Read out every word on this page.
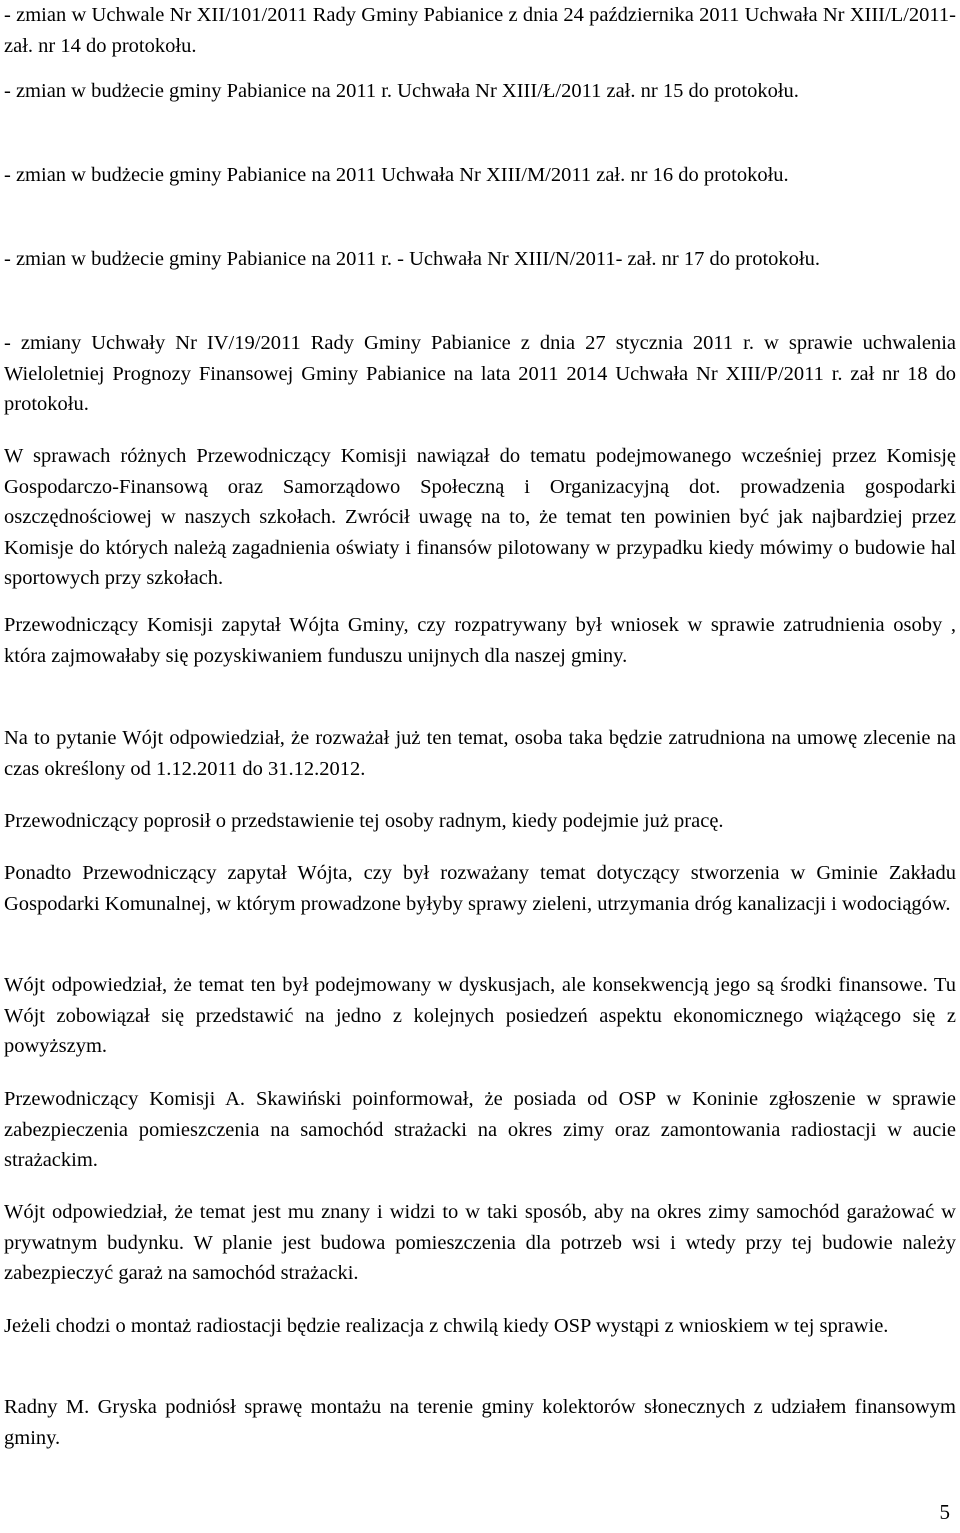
- zmian w Uchwale Nr XII/101/2011 Rady Gminy Pabianice z dnia 24 października 2011 Uchwała Nr XIII/L/2011- zał. nr 14 do protokołu.

- zmian w budżecie gminy Pabianice na 2011 r. Uchwała Nr XIII/Ł/2011 zał. nr 15 do protokołu.

- zmian w budżecie gminy Pabianice na 2011 Uchwała Nr XIII/M/2011 zał. nr 16 do protokołu.

- zmian w budżecie gminy Pabianice na 2011 r. - Uchwała Nr XIII/N/2011- zał. nr 17 do protokołu.

- zmiany Uchwały Nr IV/19/2011 Rady Gminy Pabianice z dnia 27 stycznia 2011 r. w sprawie uchwalenia Wieloletniej Prognozy Finansowej Gminy Pabianice na lata 2011 2014 Uchwała Nr XIII/P/2011 r. zał nr 18 do protokołu.

W sprawach różnych Przewodniczący Komisji nawiązał do tematu podejmowanego wcześniej przez Komisję Gospodarczo-Finansową oraz Samorządowo Społeczną i Organizacyjną dot. prowadzenia gospodarki oszczędnościowej w naszych szkołach. Zwrócił uwagę na to, że temat ten powinien być jak najbardziej przez Komisje do których należą zagadnienia oświaty i finansów pilotowany w przypadku kiedy mówimy o budowie hal sportowych przy szkołach.

Przewodniczący Komisji zapytał Wójta Gminy, czy rozpatrywany był wniosek w sprawie zatrudnienia osoby , która zajmowałaby się pozyskiwaniem funduszu unijnych dla naszej gminy.

Na to pytanie Wójt odpowiedział, że rozważał już ten temat, osoba taka będzie zatrudniona na umowę zlecenie na czas określony od 1.12.2011 do 31.12.2012.

Przewodniczący poprosił o przedstawienie tej osoby radnym, kiedy podejmie już pracę.

Ponadto Przewodniczący zapytał Wójta, czy był rozważany temat dotyczący stworzenia w Gminie Zakładu Gospodarki Komunalnej, w którym prowadzone byłyby sprawy zieleni, utrzymania dróg kanalizacji i wodociągów.

Wójt odpowiedział, że temat ten był podejmowany w dyskusjach, ale konsekwencją jego są środki finansowe. Tu Wójt zobowiązał się przedstawić na jedno z kolejnych posiedzeń aspektu ekonomicznego wiążącego się z powyższym.

Przewodniczący Komisji A. Skawiński poinformował, że posiada od OSP w Koninie zgłoszenie w sprawie zabezpieczenia pomieszczenia na samochód strażacki na okres zimy oraz zamontowania radiostacji w aucie strażackim.

Wójt odpowiedział, że temat jest mu znany i widzi to w taki sposób, aby na okres zimy samochód garażować w prywatnym budynku. W planie jest budowa pomieszczenia dla potrzeb wsi i wtedy przy tej budowie należy zabezpieczyć garaż na samochód strażacki.

Jeżeli chodzi o montaż radiostacji będzie realizacja z chwilą kiedy OSP wystąpi z wnioskiem w tej sprawie.

Radny M. Gryska podniósł sprawę montażu na terenie gminy kolektorów słonecznych z udziałem finansowym gminy.

5
